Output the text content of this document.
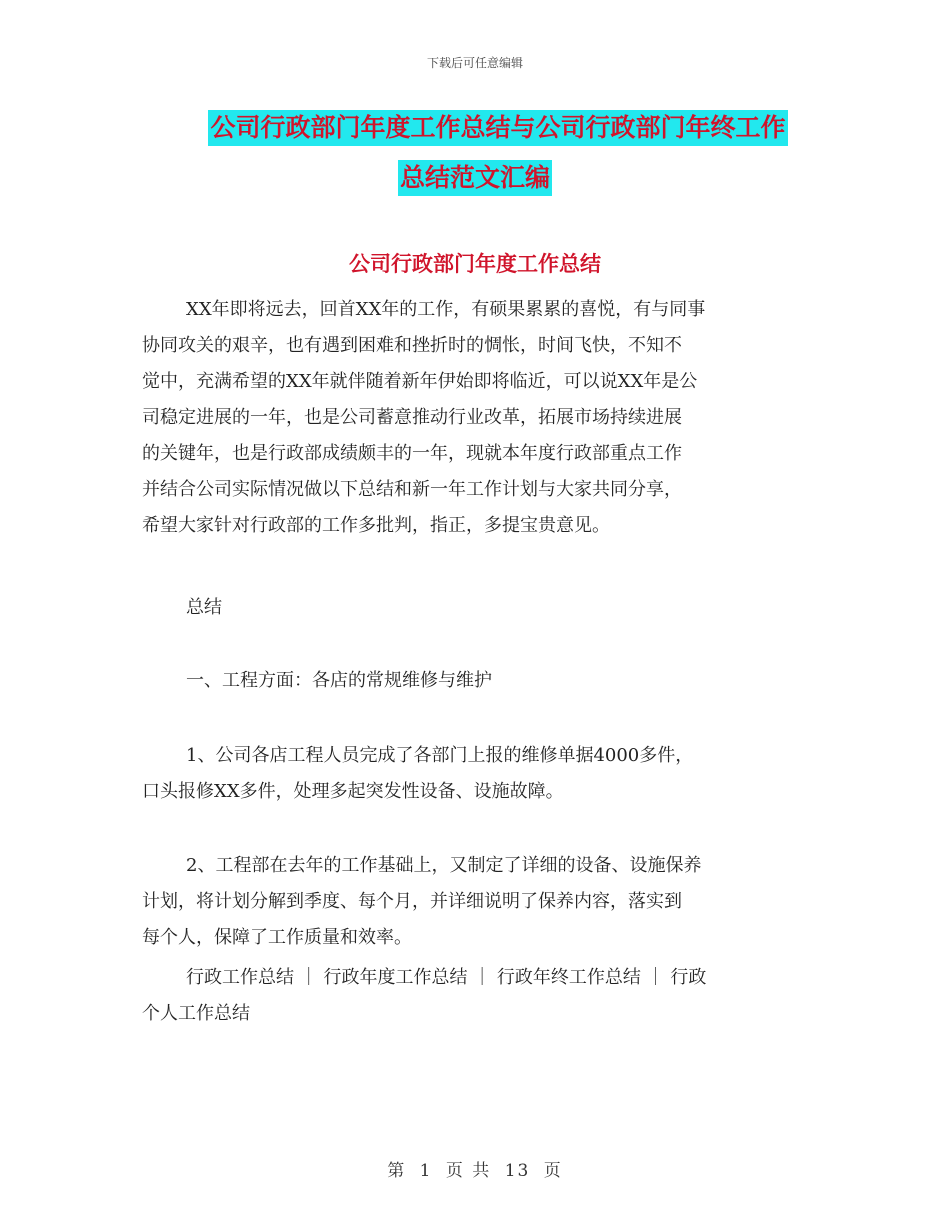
下载后可任意编辑
公司行政部门年度工作总结与公司行政部门年终工作
总结范文汇编
公司行政部门年度工作总结
XX年即将远去，回首XX年的工作，有硕果累累的喜悦，有与同事
协同攻关的艰辛，也有遇到困难和挫折时的惆怅，时间飞快，不知不
觉中，充满希望的XX年就伴随着新年伊始即将临近，可以说XX年是公
司稳定进展的一年，也是公司蓄意推动行业改革，拓展市场持续进展
的关键年，也是行政部成绩颇丰的一年，现就本年度行政部重点工作
并结合公司实际情况做以下总结和新一年工作计划与大家共同分享，
希望大家针对行政部的工作多批判，指正，多提宝贵意见。
总结
一、工程方面：各店的常规维修与维护
1、公司各店工程人员完成了各部门上报的维修单据4000多件，
口头报修XX多件，处理多起突发性设备、设施故障。
2、工程部在去年的工作基础上，又制定了详细的设备、设施保养
计划，将计划分解到季度、每个月，并详细说明了保养内容，落实到
每个人，保障了工作质量和效率。
行政工作总结 ｜ 行政年度工作总结 ｜ 行政年终工作总结 ｜ 行政
个人工作总结
第 1 页 共 13 页
